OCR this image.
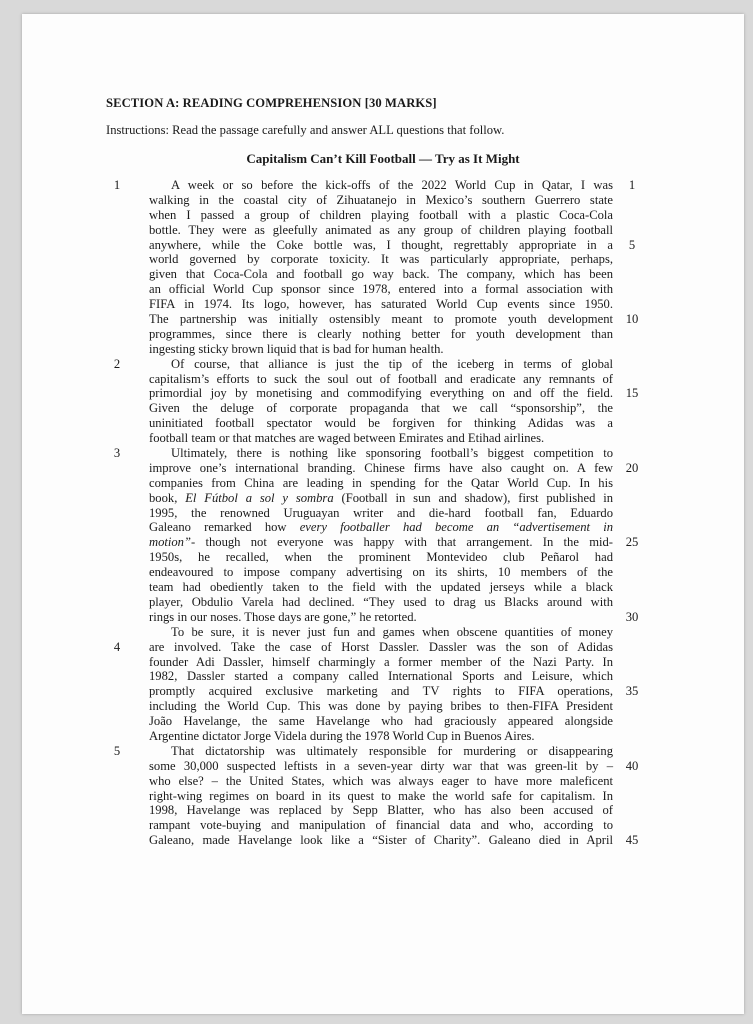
SECTION A: READING COMPREHENSION [30 MARKS]
Instructions: Read the passage carefully and answer ALL questions that follow.
Capitalism Can’t Kill Football — Try as It Might
1	A week or so before the kick-offs of the 2022 World Cup in Qatar, I was	1
walking in the coastal city of Zihuatanejo in Mexico’s southern Guerrero state
when I passed a group of children playing football with a plastic Coca-Cola
bottle. They were as gleefully animated as any group of children playing football
anywhere, while the Coke bottle was, I thought, regrettably appropriate in a	5
world governed by corporate toxicity. It was particularly appropriate, perhaps,
given that Coca-Cola and football go way back. The company, which has been
an official World Cup sponsor since 1978, entered into a formal association with
FIFA in 1974. Its logo, however, has saturated World Cup events since 1950.
The partnership was initially ostensibly meant to promote youth development	10
programmes, since there is clearly nothing better for youth development than
ingesting sticky brown liquid that is bad for human health.
2	Of course, that alliance is just the tip of the iceberg in terms of global
capitalism’s efforts to suck the soul out of football and eradicate any remnants of
primordial joy by monetising and commodifying everything on and off the field.	15
Given the deluge of corporate propaganda that we call “sponsorship”, the
uninitiated football spectator would be forgiven for thinking Adidas was a
football team or that matches are waged between Emirates and Etihad airlines.
3	Ultimately, there is nothing like sponsoring football’s biggest competition to
improve one’s international branding. Chinese firms have also caught on. A few	20
companies from China are leading in spending for the Qatar World Cup. In his
book, El Fútbol a sol y sombra (Football in sun and shadow), first published in
1995, the renowned Uruguayan writer and die-hard football fan, Eduardo
Galeano remarked how every footballer had become an “advertisement in
motion”- though not everyone was happy with that arrangement. In the mid-	25
1950s, he recalled, when the prominent Montevideo club Peñarol had
endeavoured to impose company advertising on its shirts, 10 members of the
team had obediently taken to the field with the updated jerseys while a black
player, Obdulio Varela had declined. “They used to drag us Blacks around with
rings in our noses. Those days are gone,” he retorted.	30
To be sure, it is never just fun and games when obscene quantities of money
4 are involved. Take the case of Horst Dassler. Dassler was the son of Adidas
founder Adi Dassler, himself charmingly a former member of the Nazi Party. In
1982, Dassler started a company called International Sports and Leisure, which
promptly acquired exclusive marketing and TV rights to FIFA operations,	35
including the World Cup. This was done by paying bribes to then-FIFA President
João Havelange, the same Havelange who had graciously appeared alongside
Argentine dictator Jorge Videla during the 1978 World Cup in Buenos Aires.
5	That dictatorship was ultimately responsible for murdering or disappearing
some 30,000 suspected leftists in a seven-year dirty war that was green-lit by –	40
who else? – the United States, which was always eager to have more maleficent
right-wing regimes on board in its quest to make the world safe for capitalism. In
1998, Havelange was replaced by Sepp Blatter, who has also been accused of
rampant vote-buying and manipulation of financial data and who, according to
Galeano, made Havelange look like a “Sister of Charity”. Galeano died in April	45
